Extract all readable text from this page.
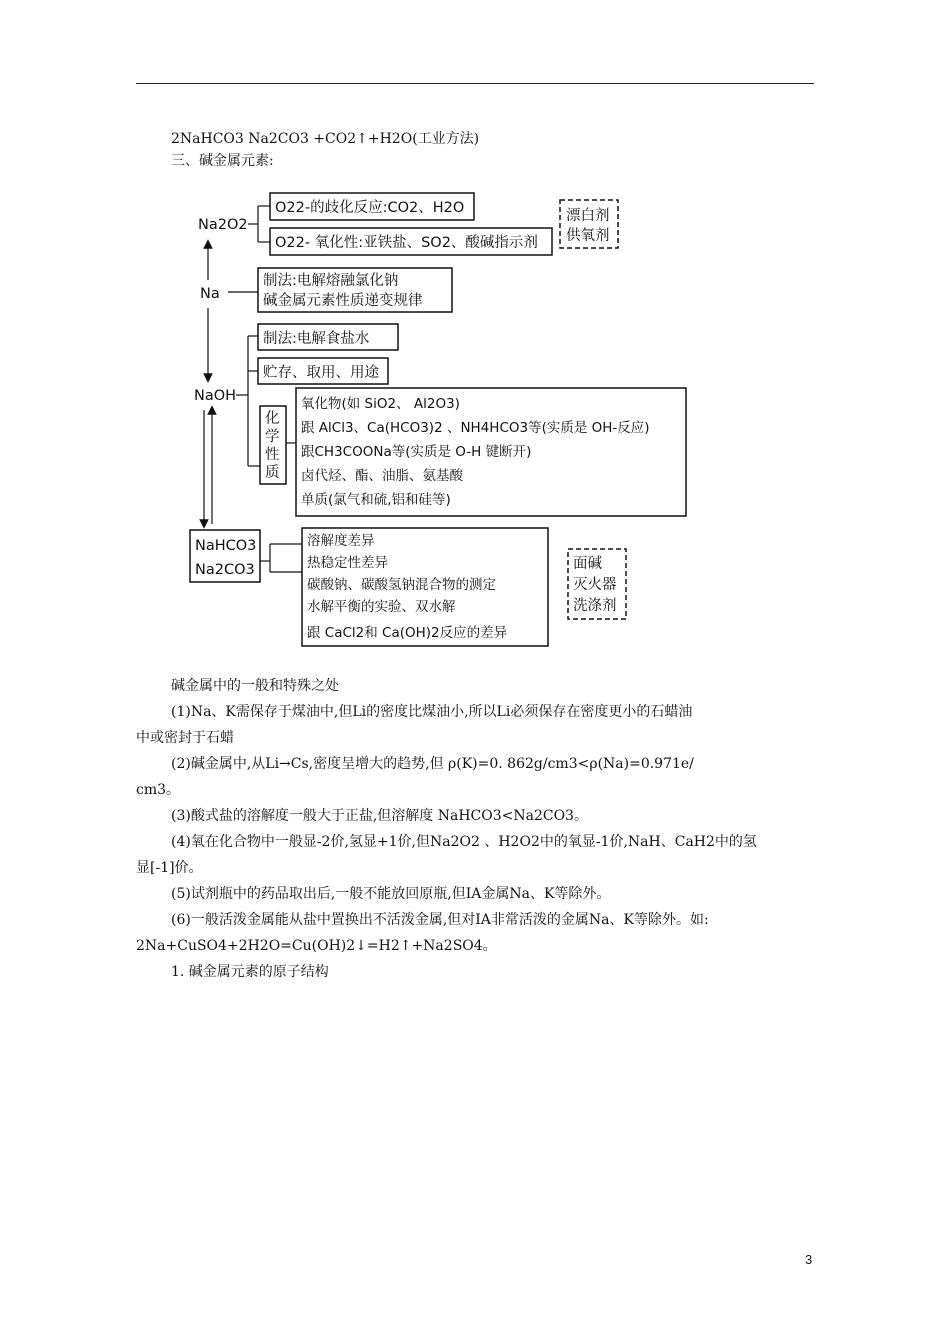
2NaHCO3 Na2CO3 +CO2↑+H2O(工业方法)
三、碱金属元素:
Na2O2
O22-的歧化反应:CO2、H2O
O22- 氧化性:亚铁盐、SO2、酸碱指示剂
漂白剂
供氧剂
Na
制法:电解熔融氯化钠
碱金属元素性质递变规律
NaOH
制法:电解食盐水
贮存、取用、用途
化
学
性
质
氧化物(如 SiO2、 Al2O3)
跟 AlCl3、Ca(HCO3)2 、NH4HCO3等(实质是 OH-反应)
跟CH3COONa等(实质是 O-H 键断开)
卤代烃、酯、油脂、氨基酸
单质(氯气和硫,铝和硅等)
NaHCO3
Na2CO3
溶解度差异
热稳定性差异
碳酸钠、碳酸氢钠混合物的测定
水解平衡的实验、双水解
跟 CaCl2和 Ca(OH)2反应的差异
面碱
灭火器
洗涤剂
碱金属中的一般和特殊之处
(1)Na、K需保存于煤油中,但Li的密度比煤油小,所以Li必须保存在密度更小的石蜡油
中或密封于石蜡
(2)碱金属中,从Li→Cs,密度呈增大的趋势,但 ρ(K)=0. 862g/cm3<ρ(Na)=0.971e/
cm3。
(3)酸式盐的溶解度一般大于正盐,但溶解度 NaHCO3<Na2CO3。
(4)氧在化合物中一般显-2价,氢显+1价,但Na2O2 、H2O2中的氧显-1价,NaH、CaH2中的氢
显[-1]价。
(5)试剂瓶中的药品取出后,一般不能放回原瓶,但IA金属Na、K等除外。
(6)一般活泼金属能从盐中置换出不活泼金属,但对IA非常活泼的金属Na、K等除外。如:
2Na+CuSO4+2H2O=Cu(OH)2↓=H2↑+Na2SO4。
1. 碱金属元素的原子结构
3
